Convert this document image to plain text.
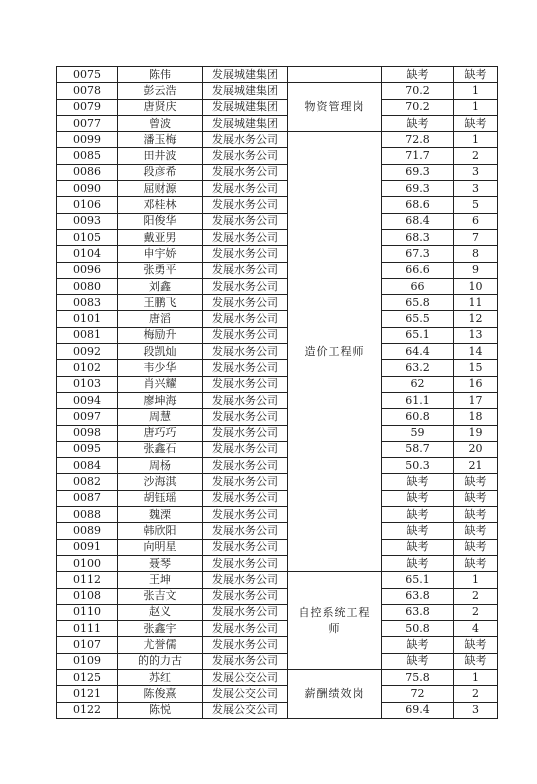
0075	陈伟	发展城建集团		缺考	缺考
0078	彭云浩	发展城建集团	物资管理岗	70.2	1
0079	唐贤庆	发展城建集团		70.2	1
0077	曾波	发展城建集团		缺考	缺考
0099	潘玉梅	发展水务公司	造价工程师	72.8	1
0085	田井波	发展水务公司		71.7	2
0086	段彦希	发展水务公司		69.3	3
0090	屈财源	发展水务公司		69.3	3
0106	邓桂林	发展水务公司		68.6	5
0093	阳俊华	发展水务公司		68.4	6
0105	戴亚男	发展水务公司		68.3	7
0104	申宇娇	发展水务公司		67.3	8
0096	张勇平	发展水务公司		66.6	9
0080	刘鑫	发展水务公司		66	10
0083	王鹏飞	发展水务公司		65.8	11
0101	唐滔	发展水务公司		65.5	12
0081	梅励升	发展水务公司		65.1	13
0092	段凯灿	发展水务公司		64.4	14
0102	韦少华	发展水务公司		63.2	15
0103	肖兴耀	发展水务公司		62	16
0094	廖坤海	发展水务公司		61.1	17
0097	周慧	发展水务公司		60.8	18
0098	唐巧巧	发展水务公司		59	19
0095	张鑫石	发展水务公司		58.7	20
0084	周杨	发展水务公司		50.3	21
0082	沙海淇	发展水务公司		缺考	缺考
0087	胡钰瑶	发展水务公司		缺考	缺考
0088	魏溧	发展水务公司		缺考	缺考
0089	韩欣阳	发展水务公司		缺考	缺考
0091	向明星	发展水务公司		缺考	缺考
0100	聂琴	发展水务公司		缺考	缺考
0112	王坤	发展水务公司	自控系统工程师	65.1	1
0108	张吉文	发展水务公司		63.8	2
0110	赵义	发展水务公司		63.8	2
0111	张鑫宇	发展水务公司		50.8	4
0107	尤誉儒	发展水务公司		缺考	缺考
0109	的的力古	发展水务公司		缺考	缺考
0125	苏红	发展公交公司	薪酬绩效岗	75.8	1
0121	陈俊熹	发展公交公司		72	2
0122	陈悦	发展公交公司		69.4	3
